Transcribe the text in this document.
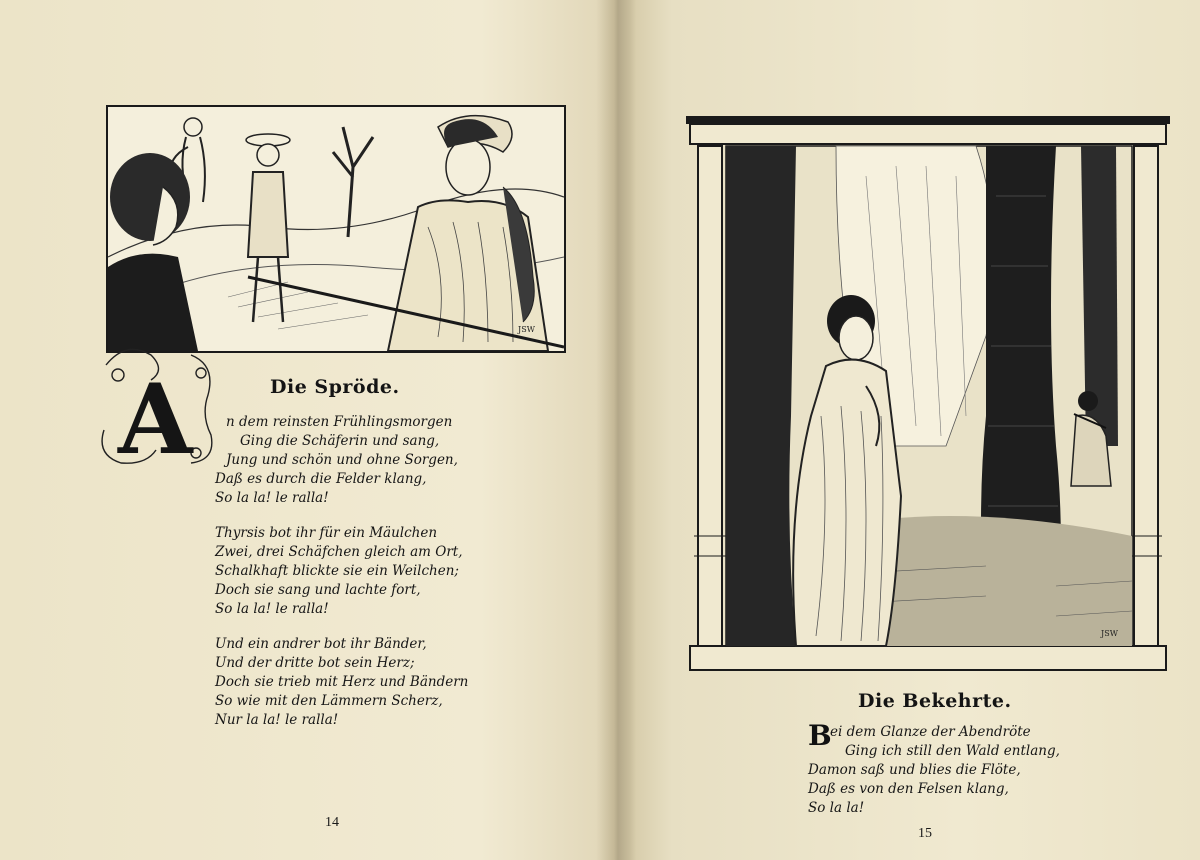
JSW
A	Die Spröde.
n dem reinsten Frühlingsmorgen
Ging die Schäferin und sang,
Jung und schön und ohne Sorgen,
Daß es durch die Felder klang,
So la la! le ralla!
Thyrsis bot ihr für ein Mäulchen
Zwei, drei Schäfchen gleich am Ort,
Schalkhaft blickte sie ein Weilchen;
Doch sie sang und lachte fort,
So la la! le ralla!
Und ein andrer bot ihr Bänder,
Und der dritte bot sein Herz;
Doch sie trieb mit Herz und Bändern
So wie mit den Lämmern Scherz,
Nur la la! le ralla!
14
JSW
Die Bekehrte.
B
ei dem Glanze der Abendröte
Ging ich still den Wald entlang,
Damon saß und blies die Flöte,
Daß es von den Felsen klang,
So la la!
15
